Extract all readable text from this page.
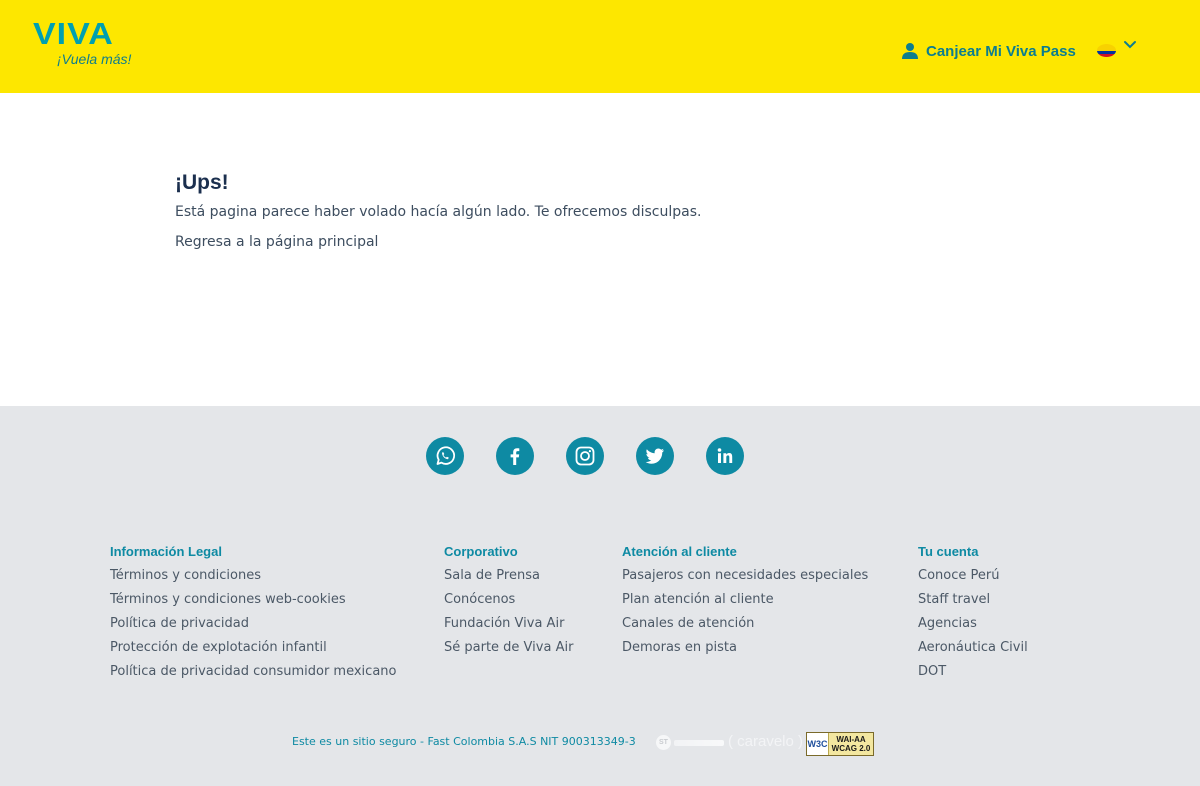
VIVA
¡Vuela más!	Canjear Mi Viva Pass
¡Ups!
Está pagina parece haber volado hacía algún lado. Te ofrecemos disculpas.
Regresa a la página principal
Información Legal
Términos y condiciones
Términos y condiciones web-cookies
Política de privacidad
Protección de explotación infantil
Política de privacidad consumidor mexicano
Corporativo
Sala de Prensa
Conócenos
Fundación Viva Air
Sé parte de Viva Air
Atención al cliente
Pasajeros con necesidades especiales
Plan atención al cliente
Canales de atención
Demoras en pista
Tu cuenta
Conoce Perú
Staff travel
Agencias
Aeronáutica Civil
DOT
Este es un sitio seguro - Fast Colombia S.A.S NIT 900313349-3	ST	( caravelo ) W3C WAI-AA
WCAG 2.0
